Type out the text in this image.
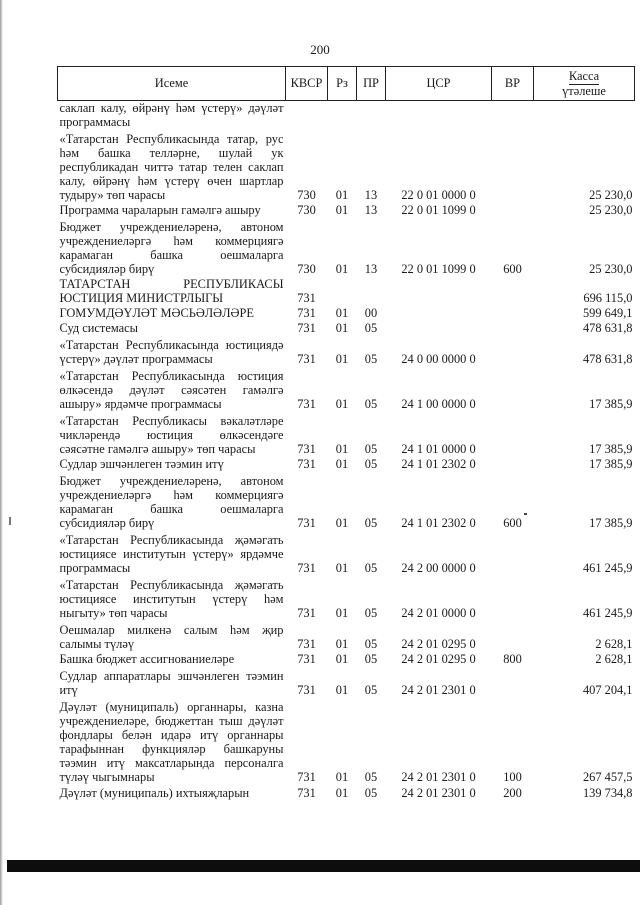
200
Исеме	КВСР	Рз	ПР	ЦСР	ВР	Касса
үтәлеше
саклап калу, өйрәнү һәм үстерү» дәүләт программасы						
«Татарстан Республикасында татар, рус һәм башка телләрне, шулай ук республикадан читтә татар телен саклап калу, өйрәнү һәм үстерү өчен шартлар тудыру» төп чарасы	730	01	13	22 0 01 0000 0		25 230,0
Программа чараларын гамәлгә ашыру	730	01	13	22 0 01 1099 0		25 230,0
Бюджет учреждениеләренә, автоном учреждениеләргә һәм коммерциягә карамаган башка оешмаларга субсидияләр бирү	730	01	13	22 0 01 1099 0	600	25 230,0
ТАТАРСТАН РЕСПУБЛИКАСЫ ЮСТИЦИЯ МИНИСТРЛЫГЫ	731					696 115,0
ГОМУМДӘҮЛӘТ МӘСЬӘЛӘЛӘРЕ	731	01	00			599 649,1
Суд системасы	731	01	05			478 631,8
«Татарстан Республикасында юстициядә үстерү» дәүләт программасы	731	01	05	24 0 00 0000 0		478 631,8
«Татарстан Республикасында юстиция өлкәсендә дәүләт сәясәтен гамәлгә ашыру» ярдәмче программасы	731	01	05	24 1 00 0000 0		17 385,9
«Татарстан Республикасы вәкаләтләре чикләрендә юстиция өлкәсендәге сәясәтне гамәлгә ашыру» төп чарасы	731	01	05	24 1 01 0000 0		17 385,9
Судлар эшчәнлеген тәэмин итү	731	01	05	24 1 01 2302 0		17 385,9
Бюджет учреждениеләренә, автоном учреждениеләргә һәм коммерциягә карамаган башка оешмаларга субсидияләр бирү	731	01	05	24 1 01 2302 0	600	17 385,9
«Татарстан Республикасында җәмәгать юстициясе институтын үстерү» ярдәмче программасы	731	01	05	24 2 00 0000 0		461 245,9
«Татарстан Республикасында җәмәгать юстициясе институтын үстерү һәм ныгыту» төп чарасы	731	01	05	24 2 01 0000 0		461 245,9
Оешмалар милкенә салым һәм җир салымы түләү	731	01	05	24 2 01 0295 0		2 628,1
Башка бюджет ассигнованиеләре	731	01	05	24 2 01 0295 0	800	2 628,1
Судлар аппаратлары эшчәнлеген тәэмин итү	731	01	05	24 2 01 2301 0		407 204,1
Дәүләт (муниципаль) органнары, казна учреждениеләре, бюджеттан тыш дәүләт фондлары белән идарә итү органнары тарафыннан функцияләр башкаруны тәэмин итү максатларында персоналга түләү чыгымнары	731	01	05	24 2 01 2301 0	100	267 457,5
Дәүләт (муниципаль) ихтыяҗларын	731	01	05	24 2 01 2301 0	200	139 734,8
